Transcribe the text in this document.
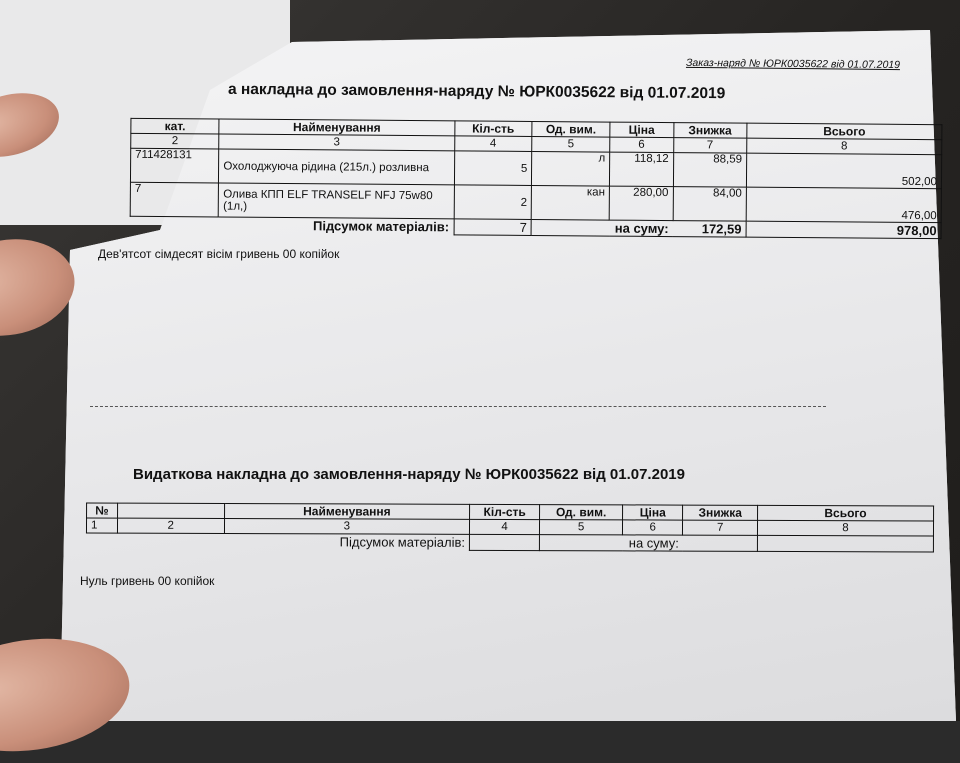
Заказ-наряд № ЮРК0035622 від 01.07.2019
а накладна до замовлення-наряду № ЮРК0035622 від 01.07.2019
кат.	Найменування	Кіл-сть	Од. вим.	Ціна	Знижка	Всього
2	3	4	5	6	7	8
711428131	Охолоджуюча рідина (215л.) розливна	5	л	118,12	88,59	502,00
7	Олива КПП ELF TRANSELF NFJ 75w80 (1л,)	2	кан	280,00	84,00	476,00
Підсумок матеріалів:		7	на суму:		172,59	978,00
Дев'ятсот сімдесят вісім гривень 00 копійок
Видаткова накладна до замовлення-наряду № ЮРК0035622 від 01.07.2019
№		Найменування	Кіл-сть	Од. вим.	Ціна	Знижка	Всього
1	2	3	4	5	6	7	8
Підсумок матеріалів:				на суму:			
Нуль гривень 00 копійок
